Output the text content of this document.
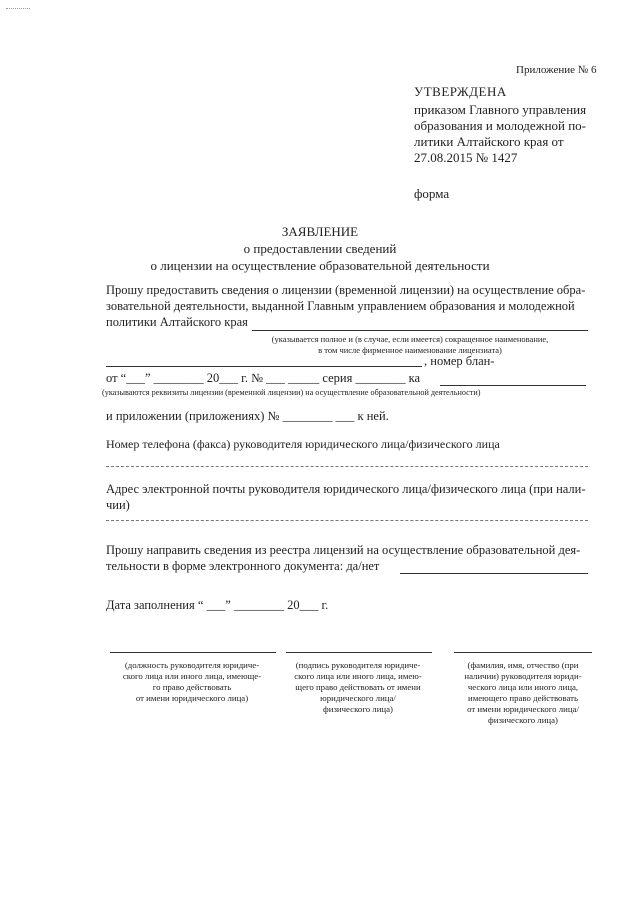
Приложение № 6
УТВЕРЖДЕНА
приказом Главного управления
образования и молодежной по-
литики Алтайского края от
27.08.2015 № 1427
форма
ЗАЯВЛЕНИЕ
о предоставлении сведений
о лицензии на осуществление образовательной деятельности
Прошу предоставить сведения о лицензии (временной лицензии) на осуществление обра-
зовательной деятельности, выданной Главным управлением образования и молодежной
политики Алтайского края
(указывается полное и (в случае, если имеется) сокращенное наименование,
в том числе фирменное наименование лицензиата)
, номер блан-
от “___” ________ 20___ г. № ___ _____ серия ________ ка
(указываются реквизиты лицензии (временной лицензии) на осуществление образовательной деятельности)
и приложении (приложениях) № ________ ___ к ней.
Номер телефона (факса) руководителя юридического лица/физического лица
Адрес электронной почты руководителя юридического лица/физического лица (при нали-
чии)
Прошу направить сведения из реестра лицензий на осуществление образовательной дея-
тельности в форме электронного документа: да/нет
Дата заполнения “ ___” ________ 20___ г.
(должность руководителя юридиче-
ского лица или иного лица, имеюще-
го право действовать
от имени юридического лица)
(подпись руководителя юридиче-
ского лица или иного лица, имею-
щего право действовать от имени
юридического лица/
физического лица)
(фамилия, имя, отчество (при
наличии) руководителя юриди-
ческого лица или иного лица,
имеющего право действовать
от имени юридического лица/
физического лица)
